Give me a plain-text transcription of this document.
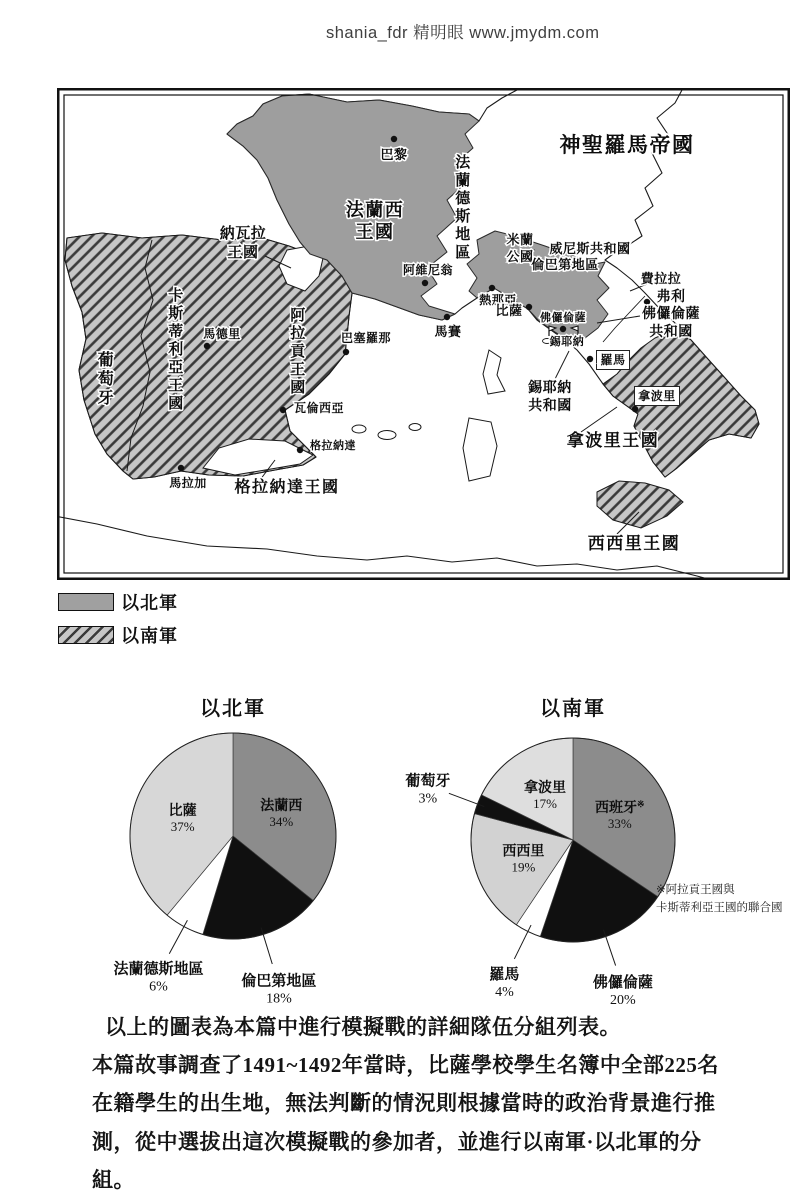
shania_fdr 精明眼 www.jmydm.com
神聖羅馬帝國
巴黎
法蘭西王國
法蘭德斯地區
米蘭公國
威尼斯共和國
倫巴第地區
費拉拉
阿維尼翁
熱那亞	弗利
比薩
佛儸倫薩	佛儸倫薩共和國
錫耶納
馬賽
羅馬
錫耶納共和國
拿波里
拿波里王國
西西里王國
納瓦拉王國
卡斯蒂利亞王國
馬德里
阿拉貢王國
葡萄牙
巴塞羅那
瓦倫西亞
格拉納達
馬拉加 格拉納達王國
以北軍
以南軍
以北軍	以南軍
法蘭西
34%
倫巴第地區
18%
法蘭德斯地區
6%
比薩
37%
西班牙※
33%
佛儸倫薩
20%
羅馬
4%
西西里
19%
葡萄牙
3%
拿波里
17%
※阿拉貢王國與
卡斯蒂利亞王國的聯合國

以上的圖表為本篇中進行模擬戰的詳細隊伍分組列表。

本篇故事調查了1491~1492年當時，比薩學校學生名簿中全部225名在籍學生的出生地，無法判斷的情況則根據當時的政治背景進行推測，從中選拔出這次模擬戰的參加者，並進行以南軍·以北軍的分組。
